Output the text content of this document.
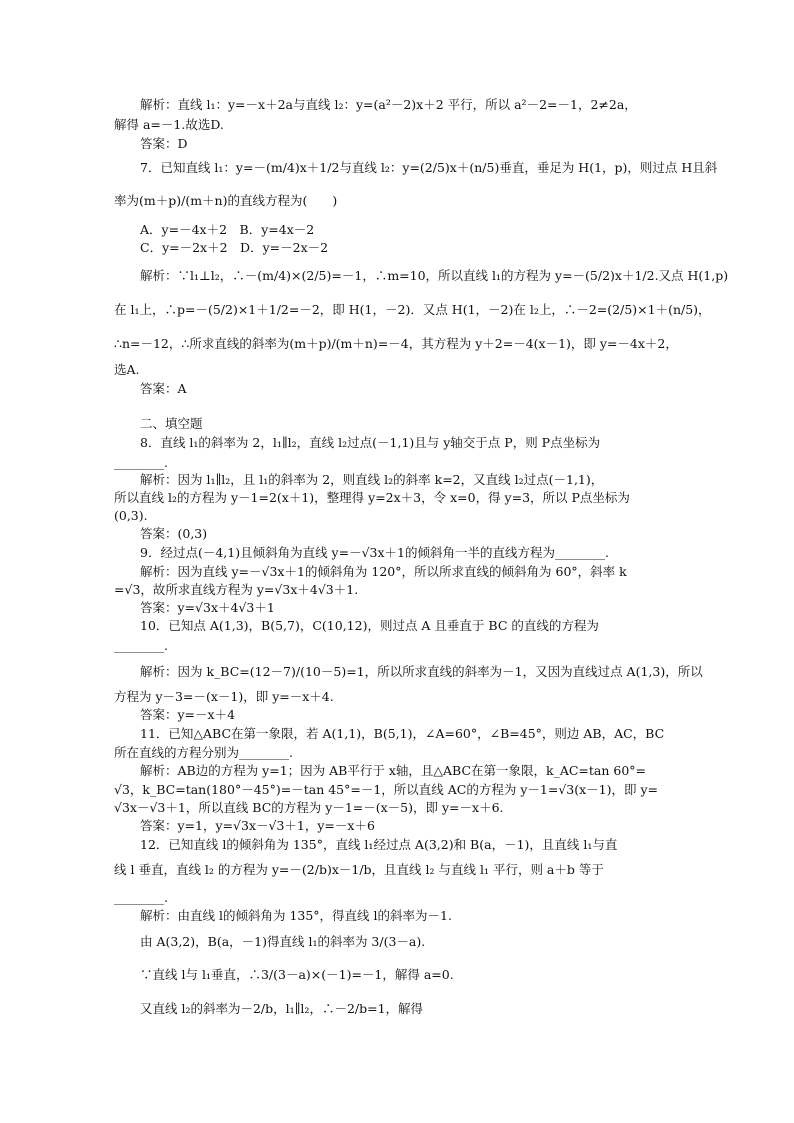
解析：直线 l₁：y=－x＋2a与直线 l₂：y=(a²－2)x＋2 平行，所以 a²－2=－1，2≠2a，
解得 a=－1.故选D.
答案：D
7．已知直线 l₁：y=－(m/4)x＋1/2与直线 l₂：y=(2/5)x＋(n/5)垂直，垂足为 H(1，p)，则过点 H且斜
率为(m＋p)/(m＋n)的直线方程为(　　)
A．y=－4x＋2　B．y=4x－2
C．y=－2x＋2　D．y=－2x－2
解析：∵l₁⊥l₂，∴－(m/4)×(2/5)=－1，∴m=10，所以直线 l₁的方程为 y=－(5/2)x＋1/2.又点 H(1,p)
在 l₁上，∴p=－(5/2)×1＋1/2=－2，即 H(1，－2)．又点 H(1，－2)在 l₂上，∴－2=(2/5)×1＋(n/5)，
∴n=－12，∴所求直线的斜率为(m＋p)/(m＋n)=－4，其方程为 y＋2=－4(x－1)，即 y=－4x＋2，
选A.
答案：A
二、填空题
8．直线 l₁的斜率为 2，l₁∥l₂，直线 l₂过点(－1,1)且与 y轴交于点 P，则 P点坐标为
________.
解析：因为 l₁∥l₂，且 l₁的斜率为 2，则直线 l₂的斜率 k=2，又直线 l₂过点(－1,1)，
所以直线 l₂的方程为 y－1=2(x＋1)，整理得 y=2x＋3，令 x=0，得 y=3，所以 P点坐标为
(0,3).
答案：(0,3)
9．经过点(－4,1)且倾斜角为直线 y=－√3x＋1的倾斜角一半的直线方程为________.
解析：因为直线 y=－√3x＋1的倾斜角为 120°，所以所求直线的倾斜角为 60°，斜率 k
=√3，故所求直线方程为 y=√3x＋4√3＋1.
答案：y=√3x＋4√3＋1
10．已知点 A(1,3)，B(5,7)，C(10,12)，则过点 A 且垂直于 BC 的直线的方程为
________.
解析：因为 k_BC=(12－7)/(10－5)=1，所以所求直线的斜率为－1，又因为直线过点 A(1,3)，所以
方程为 y－3=－(x－1)，即 y=－x＋4.
答案：y=－x＋4
11．已知△ABC在第一象限，若 A(1,1)，B(5,1)，∠A=60°，∠B=45°，则边 AB，AC，BC
所在直线的方程分别为________.
解析：AB边的方程为 y=1；因为 AB平行于 x轴，且△ABC在第一象限，k_AC=tan 60°=
√3，k_BC=tan(180°－45°)=－tan 45°=－1，所以直线 AC的方程为 y－1=√3(x－1)，即 y=
√3x－√3＋1，所以直线 BC的方程为 y－1=－(x－5)，即 y=－x＋6.
答案：y=1，y=√3x－√3＋1，y=－x＋6
12．已知直线 l的倾斜角为 135°，直线 l₁经过点 A(3,2)和 B(a，－1)，且直线 l₁与直
线 l 垂直，直线 l₂ 的方程为 y=－(2/b)x－1/b，且直线 l₂ 与直线 l₁ 平行，则 a＋b 等于
________.
解析：由直线 l的倾斜角为 135°，得直线 l的斜率为－1.
由 A(3,2)，B(a，－1)得直线 l₁的斜率为 3/(3－a).
∵直线 l与 l₁垂直，∴3/(3－a)×(－1)=－1，解得 a=0.
又直线 l₂的斜率为－2/b，l₁∥l₂，∴－2/b=1，解得
